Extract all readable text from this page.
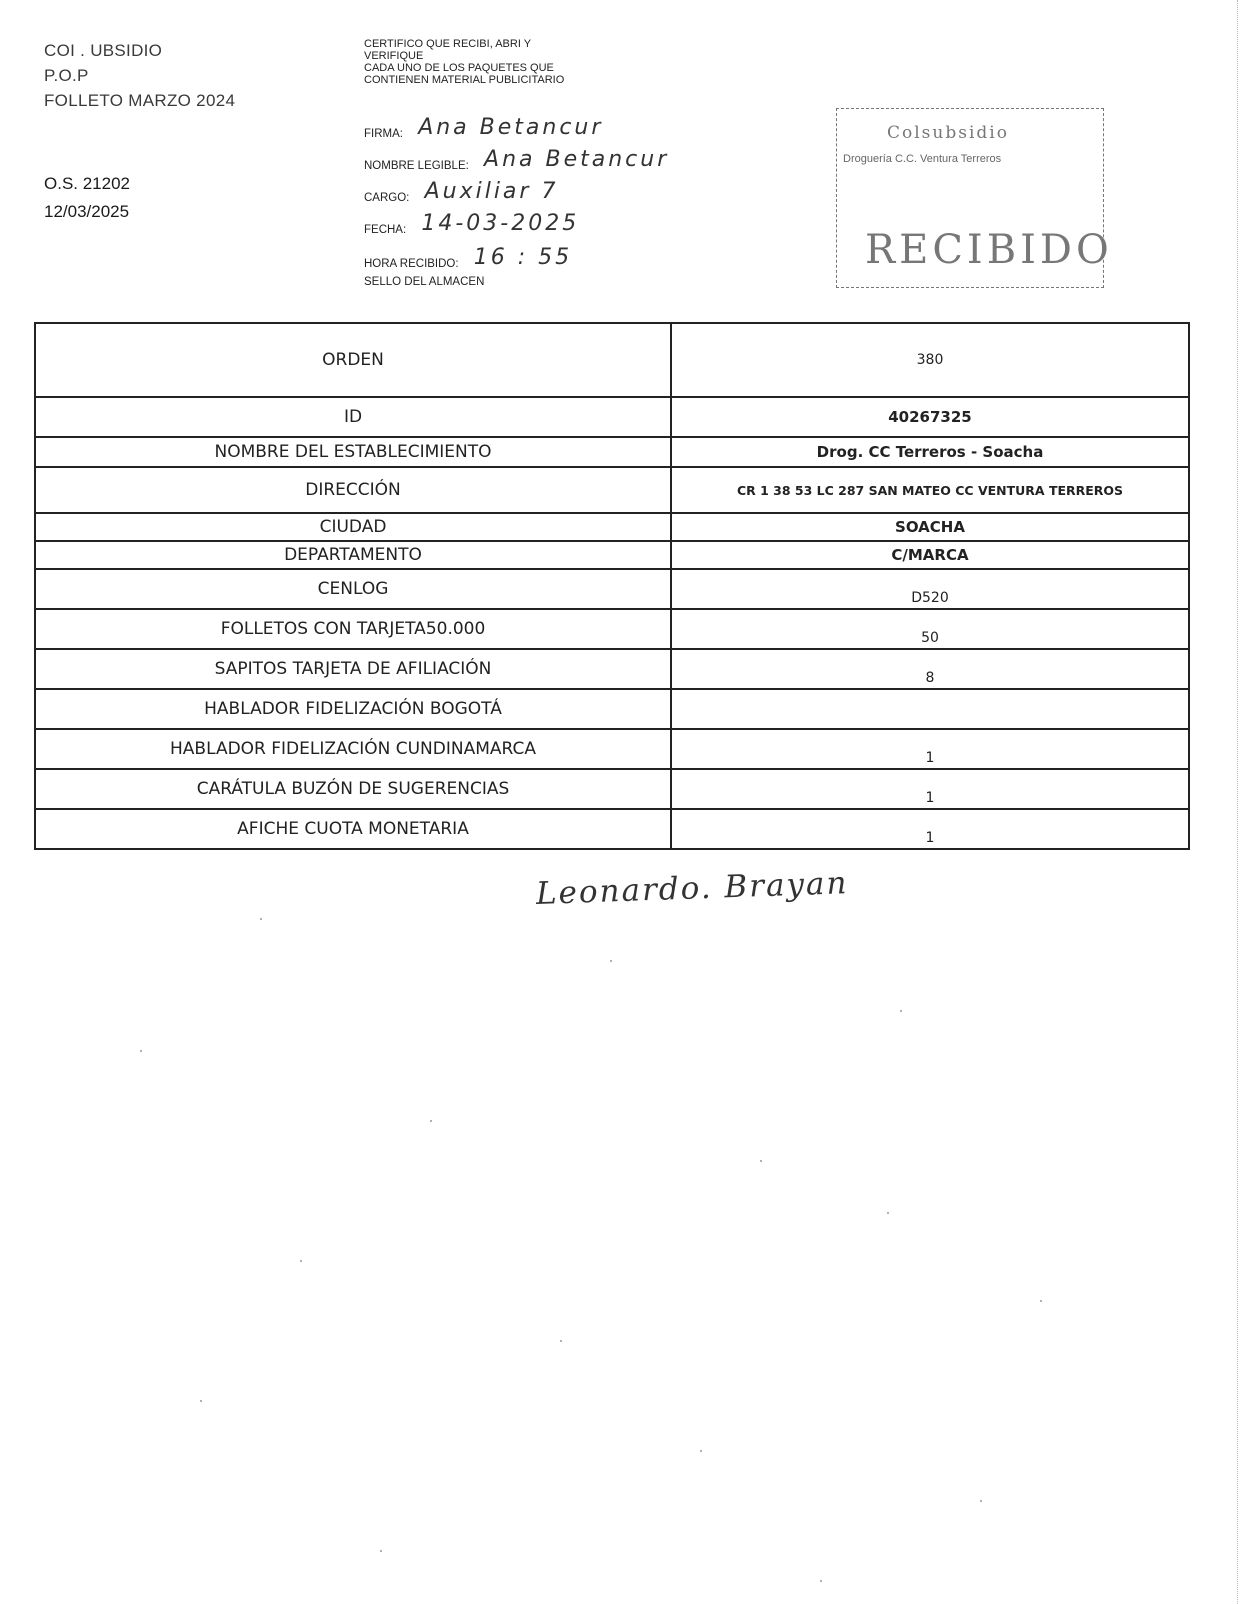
COI . UBSIDIO
P.O.P
FOLLETO MARZO 2024
O.S. 21202
12/03/2025
CERTIFICO QUE RECIBI, ABRI Y
VERIFIQUE
CADA UNO DE LOS PAQUETES QUE
CONTIENEN MATERIAL PUBLICITARIO
FIRMA: Ana Betancur
NOMBRE LEGIBLE: Ana Betancur
CARGO: Auxiliar 7
FECHA: 14-03-2025
HORA RECIBIDO: 16 : 55
SELLO DEL ALMACEN
Colsubsidio
Droguería C.C. Ventura Terreros
RECIBIDO
ORDEN	380
ID	40267325
NOMBRE DEL ESTABLECIMIENTO	Drog. CC Terreros - Soacha
DIRECCIÓN	CR 1 38 53 LC 287 SAN MATEO CC VENTURA TERREROS
CIUDAD	SOACHA
DEPARTAMENTO	C/MARCA
CENLOG	D520
FOLLETOS CON TARJETA50.000	50
SAPITOS TARJETA DE AFILIACIÓN	8
HABLADOR FIDELIZACIÓN BOGOTÁ	
HABLADOR FIDELIZACIÓN CUNDINAMARCA	1
CARÁTULA BUZÓN DE SUGERENCIAS	1
AFICHE CUOTA MONETARIA	1
Leonardo. Brayan
